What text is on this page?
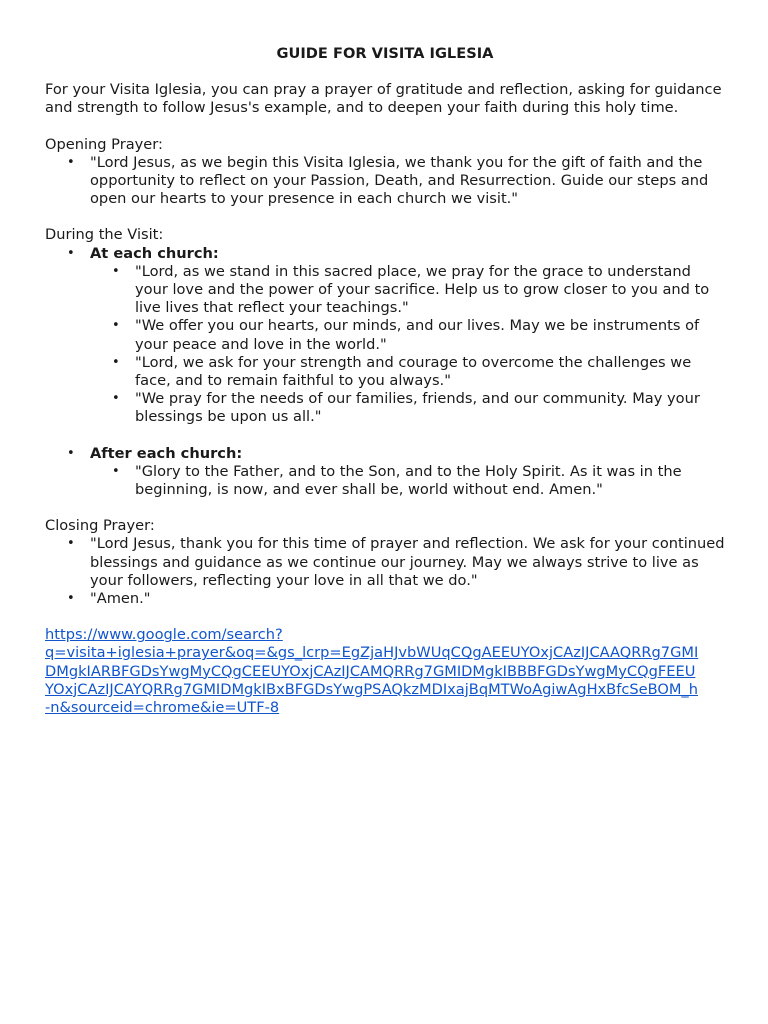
GUIDE FOR VISITA IGLESIA

For your Visita Iglesia, you can pray a prayer of gratitude and reflection, asking for guidance and strength to follow Jesus's example, and to deepen your faith during this holy time.

Opening Prayer:

• "Lord Jesus, as we begin this Visita Iglesia, we thank you for the gift of faith and the opportunity to reflect on your Passion, Death, and Resurrection. Guide our steps and open our hearts to your presence in each church we visit."

During the Visit:

• At each church:
• "Lord, as we stand in this sacred place, we pray for the grace to understand your love and the power of your sacrifice. Help us to grow closer to you and to live lives that reflect your teachings."
• "We offer you our hearts, our minds, and our lives. May we be instruments of your peace and love in the world."
• "Lord, we ask for your strength and courage to overcome the challenges we face, and to remain faithful to you always."
• "We pray for the needs of our families, friends, and our community. May your blessings be upon us all."
• After each church:
• "Glory to the Father, and to the Son, and to the Holy Spirit. As it was in the beginning, is now, and ever shall be, world without end. Amen."

Closing Prayer:

• "Lord Jesus, thank you for this time of prayer and reflection. We ask for your continued blessings and guidance as we continue our journey. May we always strive to live as your followers, reflecting your love in all that we do."
• "Amen."
https://www.google.com/search?
q=visita+iglesia+prayer&oq=&gs_lcrp=EgZjaHJvbWUqCQgAEEUYOxjCAzIJCAAQRRg7GMI
DMgkIARBFGDsYwgMyCQgCEEUYOxjCAzIJCAMQRRg7GMIDMgkIBBBFGDsYwgMyCQgFEEU
YOxjCAzIJCAYQRRg7GMIDMgkIBxBFGDsYwgPSAQkzMDIxajBqMTWoAgiwAgHxBfcSeBOM_h
-n&sourceid=chrome&ie=UTF-8
